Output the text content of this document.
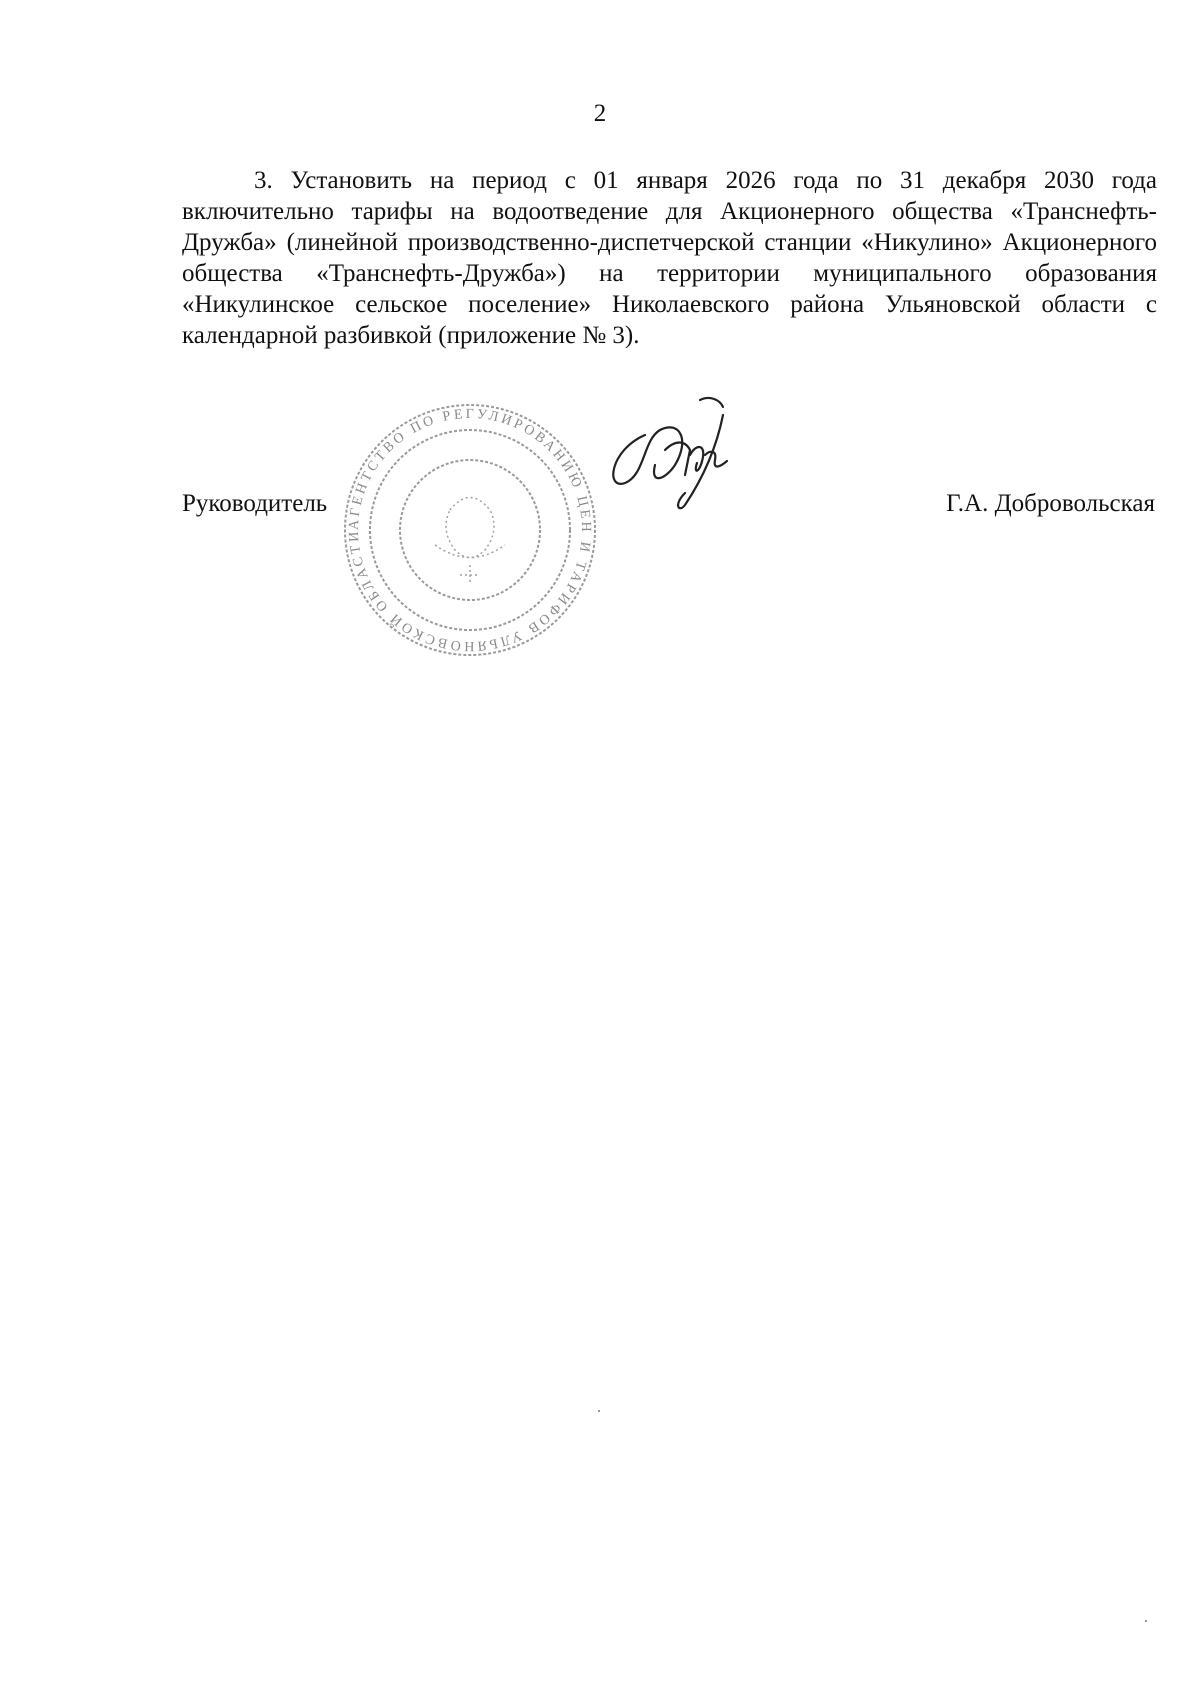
2

3. Установить на период с 01 января 2026 года по 31 декабря 2030 года включительно тарифы на водоотведение для Акционерного общества «Транснефть-Дружба» (линейной производственно-диспетчерской станции «Никулино» Акционерного общества «Транснефть-Дружба») на территории муниципального образования «Никулинское сельское поселение» Николаевского района Ульяновской области с календарной разбивкой (приложение № 3).

Руководитель
АГЕНТСТВО ПО РЕГУЛИРОВАНИЮ ЦЕН И ТАРИФОВ УЛЬЯНОВСКОЙ ОБЛАСТИ
Г.А. Добровольская
